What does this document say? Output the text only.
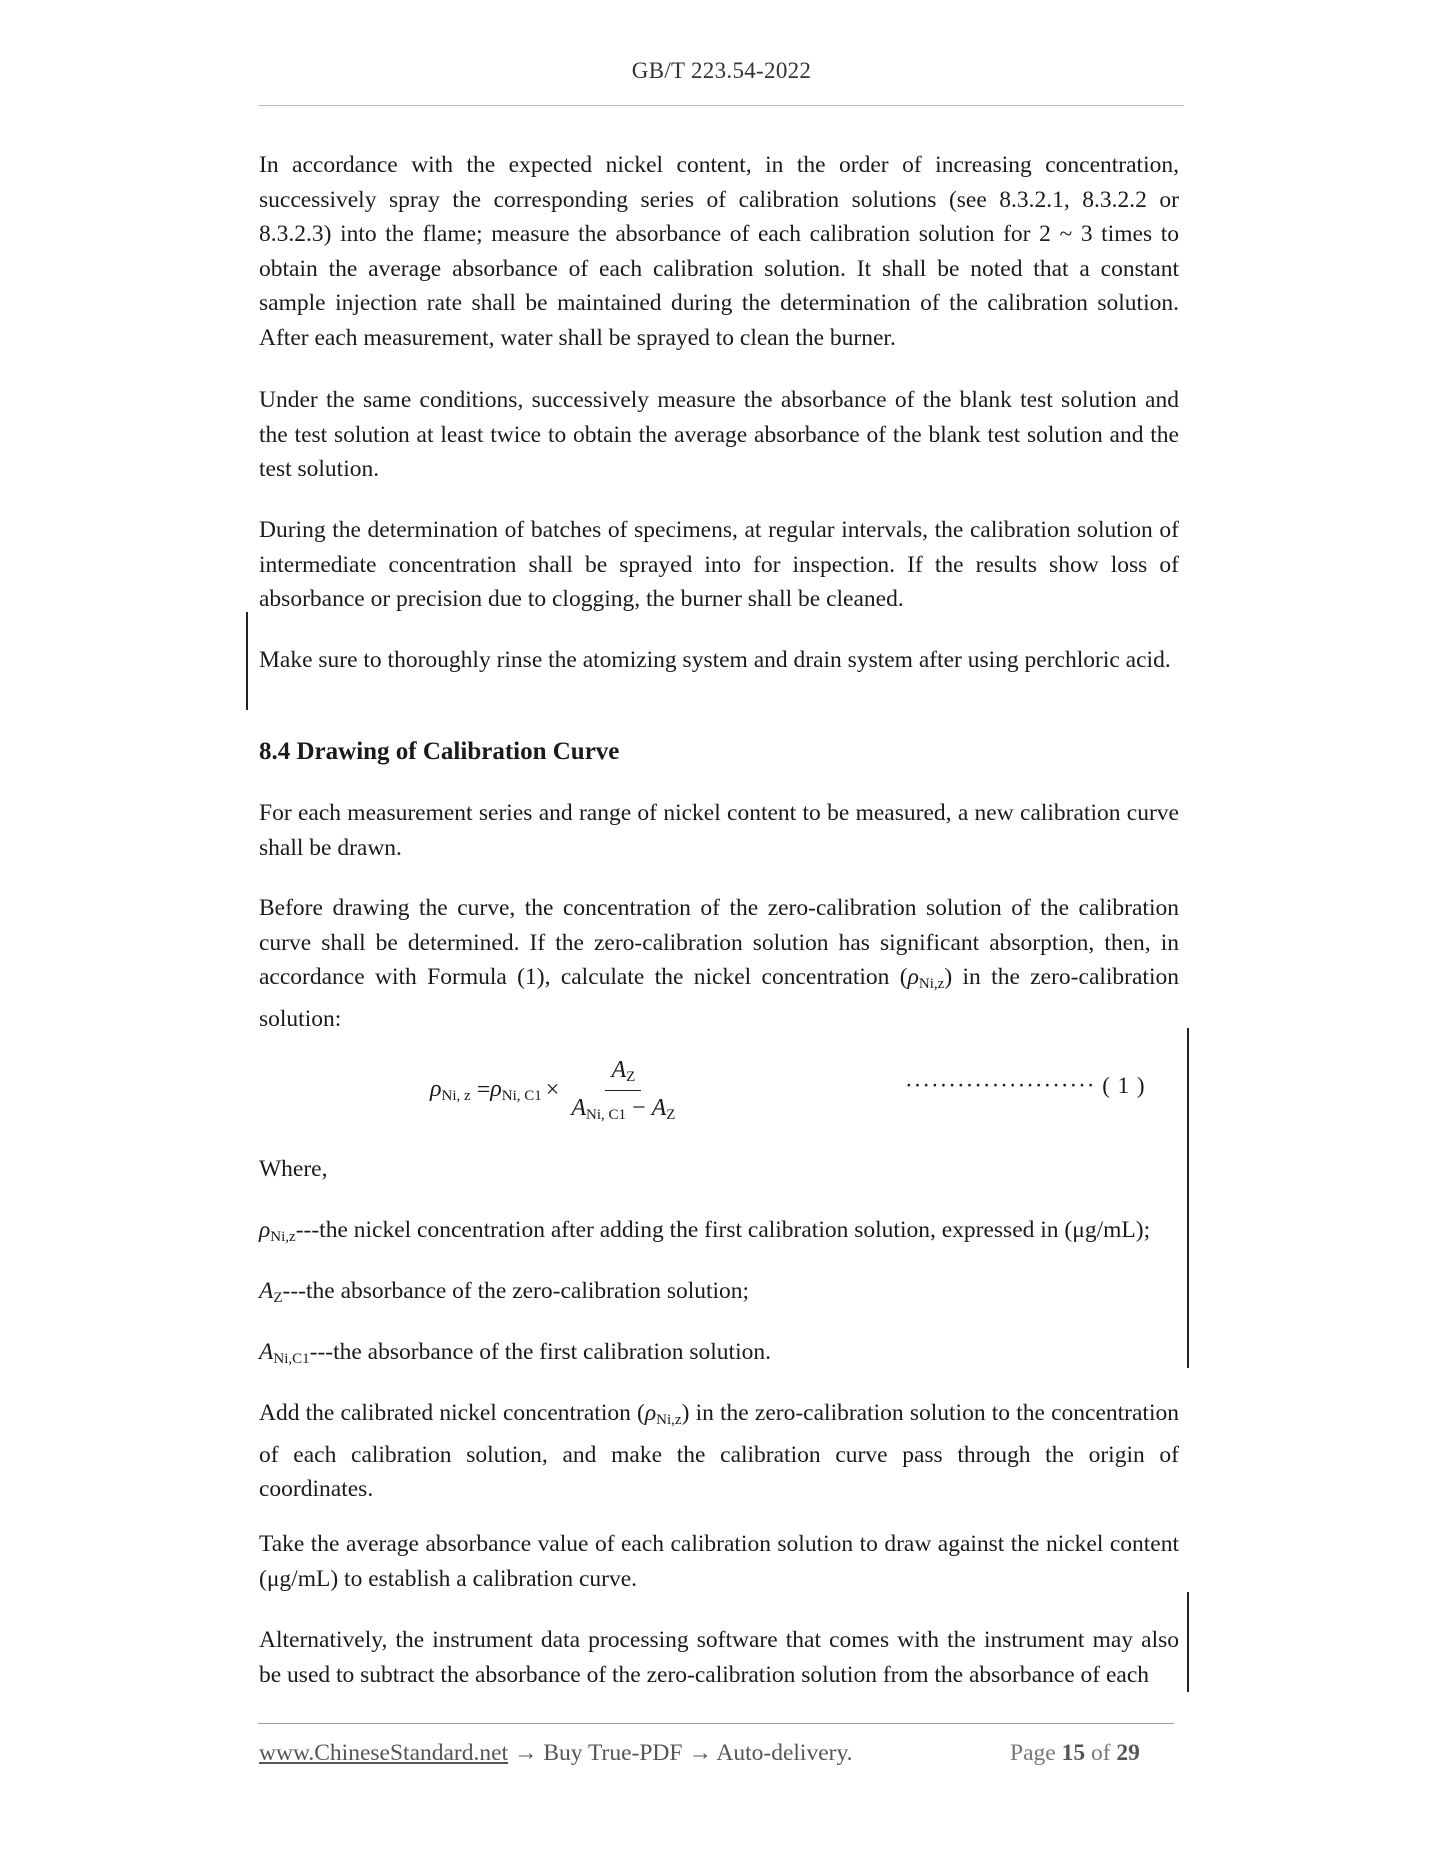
GB/T 223.54-2022

In accordance with the expected nickel content, in the order of increasing concentration, successively spray the corresponding series of calibration solutions (see 8.3.2.1, 8.3.2.2 or 8.3.2.3) into the flame; measure the absorbance of each calibration solution for 2 ~ 3 times to obtain the average absorbance of each calibration solution. It shall be noted that a constant sample injection rate shall be maintained during the determination of the calibration solution. After each measurement, water shall be sprayed to clean the burner.

Under the same conditions, successively measure the absorbance of the blank test solution and the test solution at least twice to obtain the average absorbance of the blank test solution and the test solution.

During the determination of batches of specimens, at regular intervals, the calibration solution of intermediate concentration shall be sprayed into for inspection. If the results show loss of absorbance or precision due to clogging, the burner shall be cleaned.

Make sure to thoroughly rinse the atomizing system and drain system after using perchloric acid.

8.4 Drawing of Calibration Curve

For each measurement series and range of nickel content to be measured, a new calibration curve shall be drawn.

Before drawing the curve, the concentration of the zero-calibration solution of the calibration curve shall be determined. If the zero-calibration solution has significant absorption, then, in accordance with Formula (1), calculate the nickel concentration $(\rho_{Ni,z})$ in the zero-calibration solution:

$\rho_{Ni, z} = \rho_{Ni, C1} \times \frac{A_Z}{A_{Ni, C1} - A_Z}$	······················ ( 1 )

Where,

$\rho_{Ni,z}--$-the nickel concentration after adding the first calibration solution, expressed in (μg/mL);

$A_Z--$-the absorbance of the zero-calibration solution;

$A_{Ni,C1}--$-the absorbance of the first calibration solution.

Add the calibrated nickel concentration $(\rho_{Ni,z})$ in the zero-calibration solution to the concentration of each calibration solution, and make the calibration curve pass through the origin of coordinates.

Take the average absorbance value of each calibration solution to draw against the nickel content (μg/mL) to establish a calibration curve.

Alternatively, the instrument data processing software that comes with the instrument may also be used to subtract the absorbance of the zero-calibration solution from the absorbance of each

www.ChineseStandard.net → Buy True-PDF → Auto-delivery.	Page 15 of 29
